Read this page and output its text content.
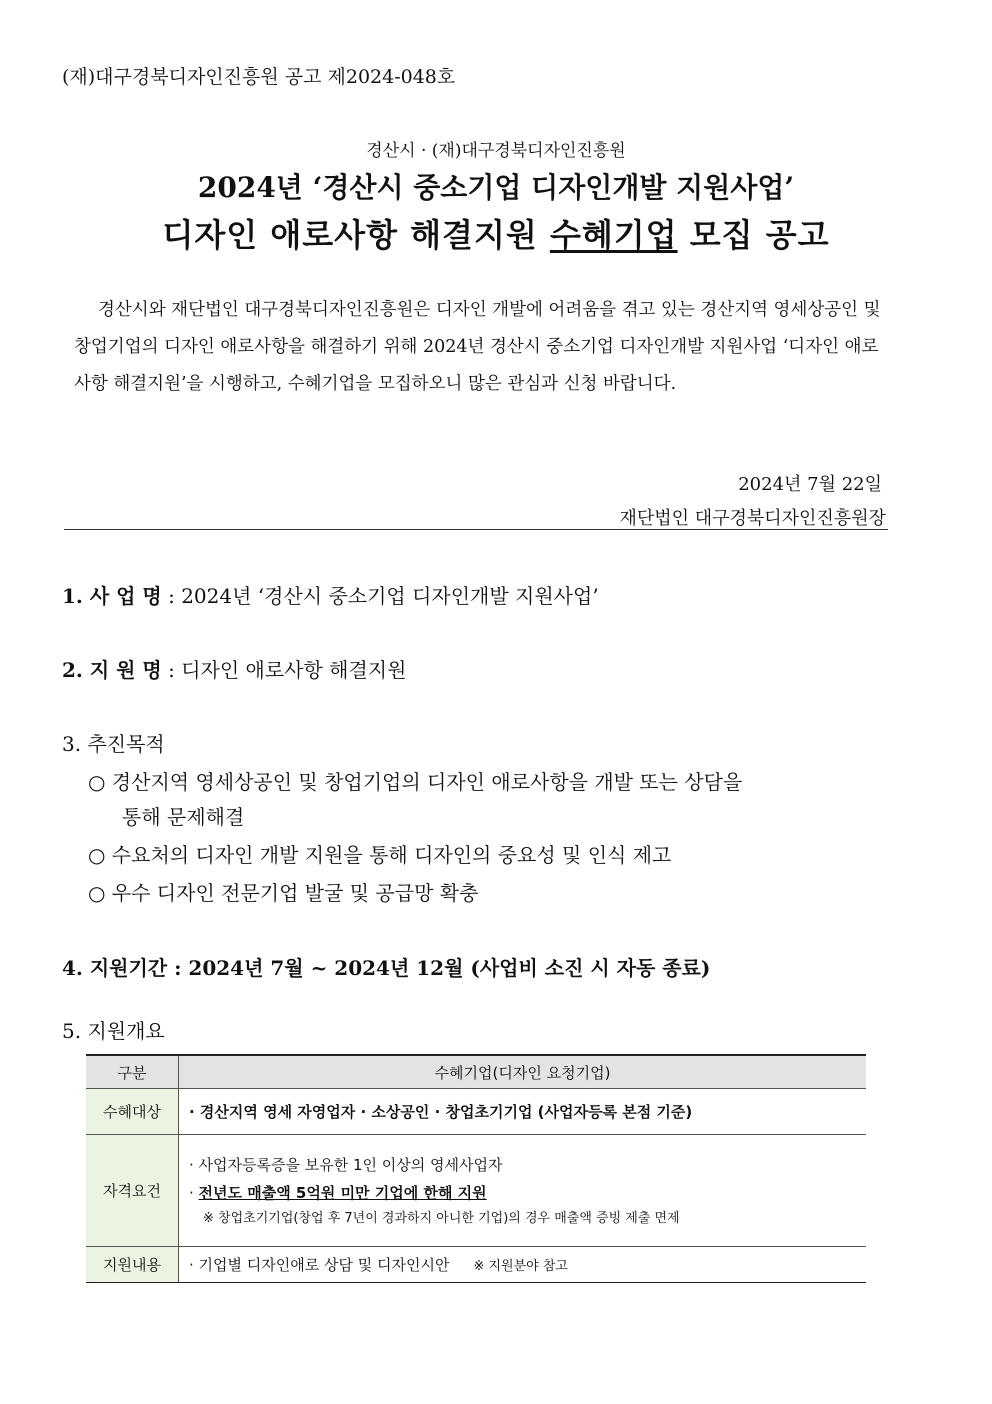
(재)대구경북디자인진흥원 공고 제2024-048호

경산시 · (재)대구경북디자인진흥원

2024년 ‘경산시 중소기업 디자인개발 지원사업’

디자인 애로사항 해결지원 수혜기업 모집 공고

경산시와 재단법인 대구경북디자인진흥원은 디자인 개발에 어려움을 겪고 있는 경산지역 영세상공인 및 창업기업의 디자인 애로사항을 해결하기 위해 2024년 경산시 중소기업 디자인개발 지원사업 ‘디자인 애로사항 해결지원’을 시행하고, 수혜기업을 모집하오니 많은 관심과 신청 바랍니다.

2024년 7월 22일

재단법인 대구경북디자인진흥원장

1. 사 업 명 : 2024년 ‘경산시 중소기업 디자인개발 지원사업’

2. 지 원 명 : 디자인 애로사항 해결지원

3. 추진목적

○ 경산지역 영세상공인 및 창업기업의 디자인 애로사항을 개발 또는 상담을

통해 문제해결

○ 수요처의 디자인 개발 지원을 통해 디자인의 중요성 및 인식 제고

○ 우수 디자인 전문기업 발굴 및 공급망 확충

4. 지원기간 : 2024년 7월 ~ 2024년 12월 (사업비 소진 시 자동 종료)

5. 지원개요

구분	수혜기업(디자인 요청기업)
수혜대상	· 경산지역 영세 자영업자 · 소상공인 · 창업초기기업 (사업자등록 본점 기준)
자격요건	· 사업자등록증을 보유한 1인 이상의 영세사업자
· 전년도 매출액 5억원 미만 기업에 한해 지원
※ 창업초기기업(창업 후 7년이 경과하지 아니한 기업)의 경우 매출액 증빙 제출 면제

지원내용	· 기업별 디자인애로 상담 및 디자인시안 ※ 지원분야 참고
